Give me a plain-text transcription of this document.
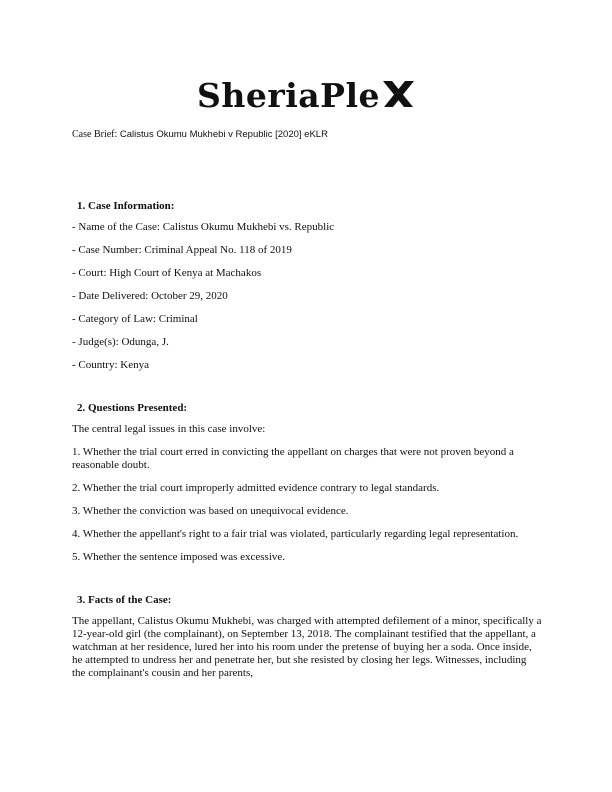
SheriaPle
Case Brief: Calistus Okumu Mukhebi v Republic [2020] eKLR
1. Case Information:

- Name of the Case: Calistus Okumu Mukhebi vs. Republic

- Case Number: Criminal Appeal No. 118 of 2019

- Court: High Court of Kenya at Machakos

- Date Delivered: October 29, 2020

- Category of Law: Criminal

- Judge(s): Odunga, J.

- Country: Kenya

2. Questions Presented:

The central legal issues in this case involve:

1. Whether the trial court erred in convicting the appellant on charges that were not proven beyond a reasonable doubt.

2. Whether the trial court improperly admitted evidence contrary to legal standards.

3. Whether the conviction was based on unequivocal evidence.

4. Whether the appellant's right to a fair trial was violated, particularly regarding legal representation.

5. Whether the sentence imposed was excessive.

3. Facts of the Case:

The appellant, Calistus Okumu Mukhebi, was charged with attempted defilement of a minor, specifically a 12-year-old girl (the complainant), on September 13, 2018. The complainant testified that the appellant, a watchman at her residence, lured her into his room under the pretense of buying her a soda. Once inside, he attempted to undress her and penetrate her, but she resisted by closing her legs. Witnesses, including the complainant's cousin and her parents,
